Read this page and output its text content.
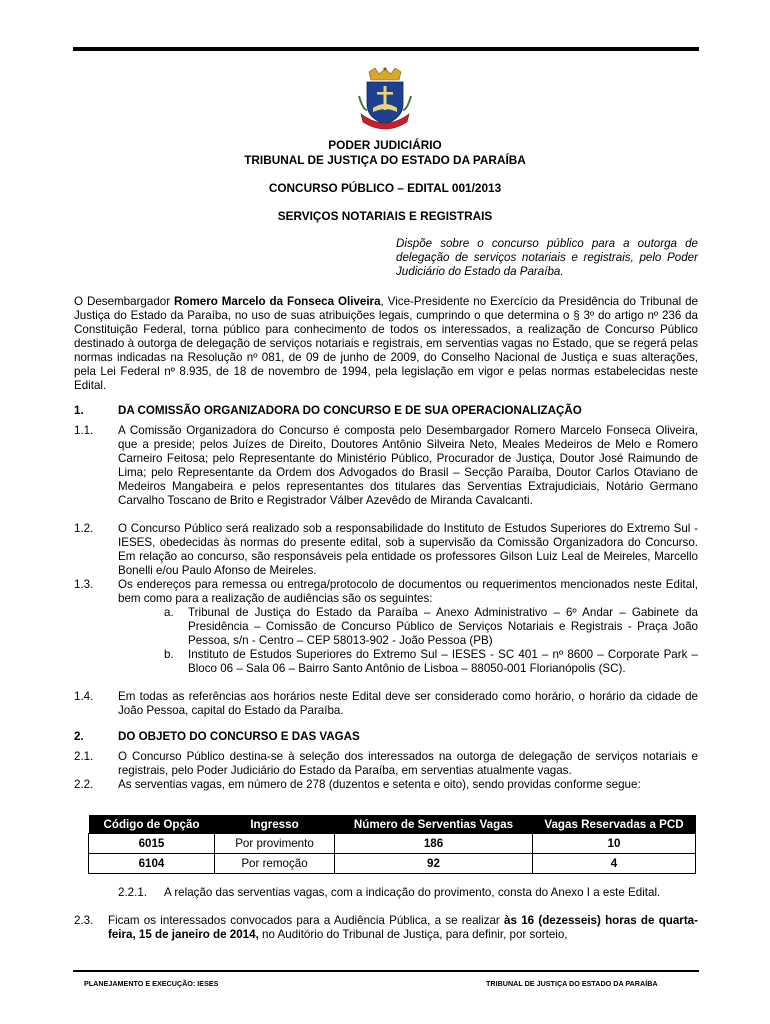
PODER JUDICIÁRIO
TRIBUNAL DE JUSTIÇA DO ESTADO DA PARAÍBA
CONCURSO PÚBLICO – EDITAL 001/2013
SERVIÇOS NOTARIAIS E REGISTRAIS
Dispõe sobre o concurso público para a outorga de delegação de serviços notariais e registrais, pelo Poder Judiciário do Estado da Paraíba.
O Desembargador Romero Marcelo da Fonseca Oliveira, Vice-Presidente no Exercício da Presidência do Tribunal de Justiça do Estado da Paraíba, no uso de suas atribuições legais, cumprindo o que determina o § 3º do artigo nº 236 da Constituição Federal, torna público para conhecimento de todos os interessados, a realização de Concurso Público destinado à outorga de delegação de serviços notariais e registrais, em serventias vagas no Estado, que se regerá pelas normas indicadas na Resolução nº 081, de 09 de junho de 2009, do Conselho Nacional de Justiça e suas alterações, pela Lei Federal nº 8.935, de 18 de novembro de 1994, pela legislação em vigor e pelas normas estabelecidas neste Edital.
1.	DA COMISSÃO ORGANIZADORA DO CONCURSO E DE SUA OPERACIONALIZAÇÃO
1.1. A Comissão Organizadora do Concurso é composta pelo Desembargador Romero Marcelo Fonseca Oliveira, que a preside; pelos Juízes de Direito, Doutores Antônio Silveira Neto, Meales Medeiros de Melo e Romero Carneiro Feitosa; pelo Representante do Ministério Público, Procurador de Justiça, Doutor José Raimundo de Lima; pelo Representante da Ordem dos Advogados do Brasil – Secção Paraíba, Doutor Carlos Otaviano de Medeiros Mangabeira e pelos representantes dos titulares das Serventias Extrajudiciais, Notário Germano Carvalho Toscano de Brito e Registrador Válber Azevêdo de Miranda Cavalcanti.
1.2. O Concurso Público será realizado sob a responsabilidade do Instituto de Estudos Superiores do Extremo Sul - IESES, obedecidas às normas do presente edital, sob a supervisão da Comissão Organizadora do Concurso. Em relação ao concurso, são responsáveis pela entidade os professores Gilson Luiz Leal de Meireles, Marcello Bonelli e/ou Paulo Afonso de Meireles.
1.3. Os endereços para remessa ou entrega/protocolo de documentos ou requerimentos mencionados neste Edital, bem como para a realização de audiências são os seguintes:
a. Tribunal de Justiça do Estado da Paraíba – Anexo Administrativo – 6º Andar – Gabinete da Presidência – Comissão de Concurso Público de Serviços Notariais e Registrais - Praça João Pessoa, s/n - Centro – CEP 58013-902 - João Pessoa (PB)
b. Instituto de Estudos Superiores do Extremo Sul – IESES - SC 401 – nº 8600 – Corporate Park – Bloco 06 – Sala 06 – Bairro Santo Antônio de Lisboa – 88050-001 Florianópolis (SC).
1.4. Em todas as referências aos horários neste Edital deve ser considerado como horário, o horário da cidade de João Pessoa, capital do Estado da Paraíba.
2.	DO OBJETO DO CONCURSO E DAS VAGAS
2.1. O Concurso Público destina-se à seleção dos interessados na outorga de delegação de serviços notariais e registrais, pelo Poder Judiciário do Estado da Paraíba, em serventias atualmente vagas.
2.2. As serventias vagas, em número de 278 (duzentos e setenta e oito), sendo providas conforme segue:
Código de Opção	Ingresso	Número de Serventias Vagas	Vagas Reservadas a PCD
6015	Por provimento	186	10
6104	Por remoção	92	4
2.2.1. A relação das serventias vagas, com a indicação do provimento, consta do Anexo I a este Edital.
2.3. Ficam os interessados convocados para a Audiência Pública, a se realizar às 16 (dezesseis) horas de quarta-feira, 15 de janeiro de 2014, no Auditório do Tribunal de Justiça, para definir, por sorteio,
PLANEJAMENTO E EXECUÇÃO: IESES	TRIBUNAL DE JUSTIÇA DO ESTADO DA PARAÍBA
